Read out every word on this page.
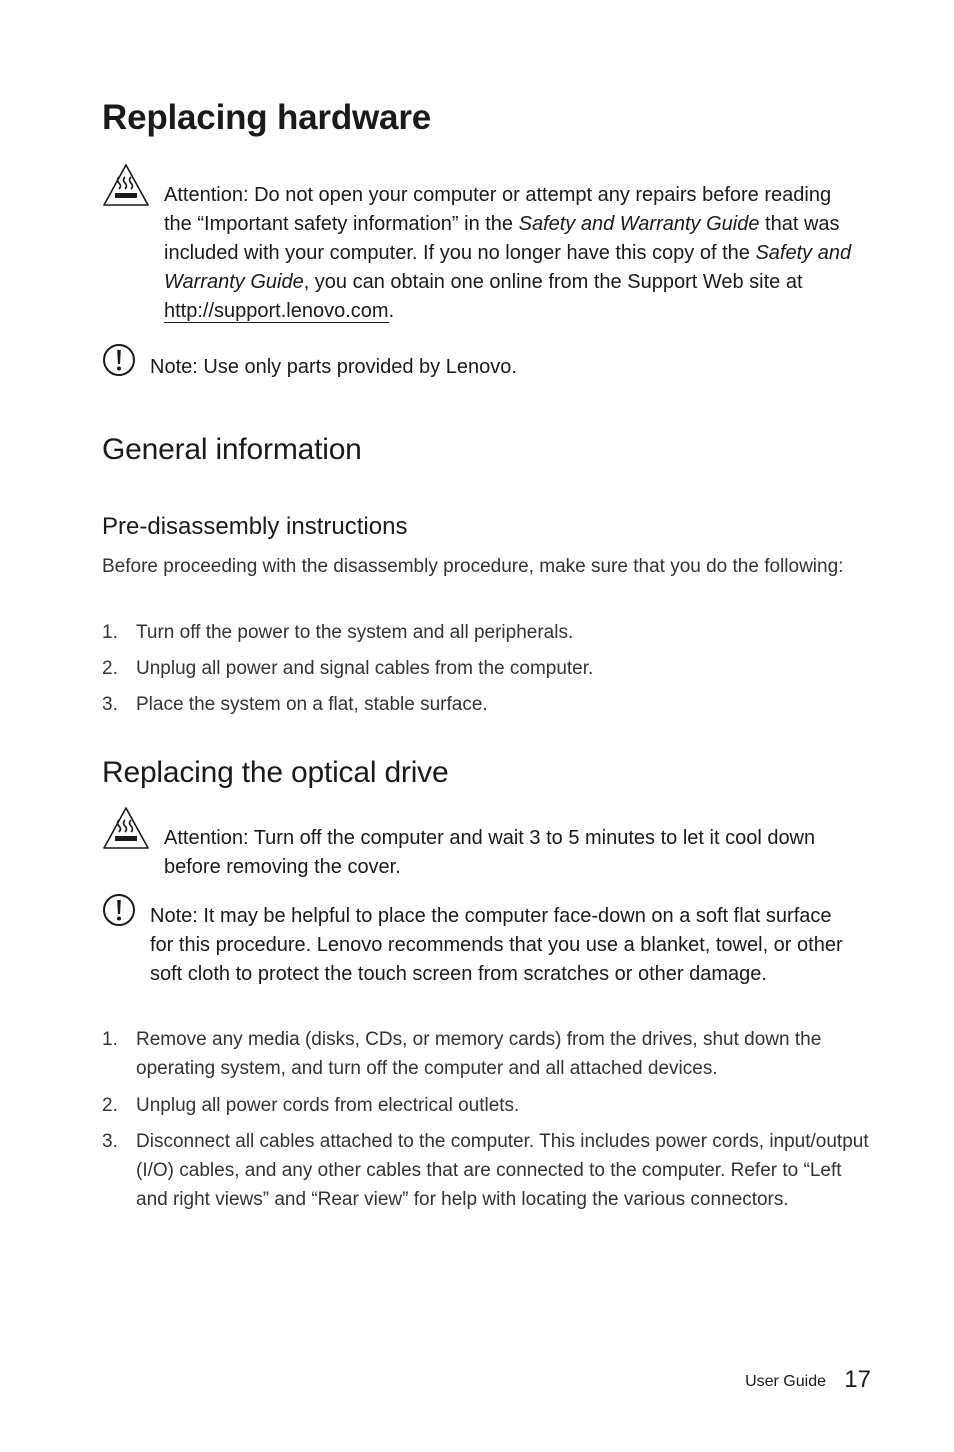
Replacing hardware
Attention: Do not open your computer or attempt any repairs before reading the “Important safety information” in the Safety and Warranty Guide that was included with your computer. If you no longer have this copy of the Safety and Warranty Guide, you can obtain one online from the Support Web site at http://support.lenovo.com.
Note: Use only parts provided by Lenovo.
General information
Pre-disassembly instructions
Before proceeding with the disassembly procedure, make sure that you do the following:
1. Turn off the power to the system and all peripherals.
2. Unplug all power and signal cables from the computer.
3. Place the system on a flat, stable surface.
Replacing the optical drive
Attention: Turn off the computer and wait 3 to 5 minutes to let it cool down before removing the cover.
Note: It may be helpful to place the computer face-down on a soft flat surface for this procedure. Lenovo recommends that you use a blanket, towel, or other soft cloth to protect the touch screen from scratches or other damage.
1. Remove any media (disks, CDs, or memory cards) from the drives, shut down the operating system, and turn off the computer and all attached devices.
2. Unplug all power cords from electrical outlets.
3. Disconnect all cables attached to the computer. This includes power cords, input/output (I/O) cables, and any other cables that are connected to the computer. Refer to “Left and right views” and “Rear view” for help with locating the various connectors.
User Guide 17
